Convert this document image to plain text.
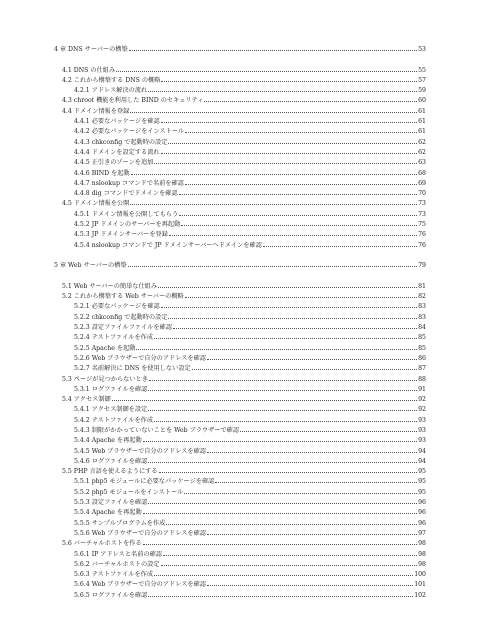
4 章 DNS サーバーの構築	53
4.1 DNS の仕組み	55
4.2 これから構築する DNS の概略	57
4.2.1 アドレス解決の流れ	59
4.3 chroot 機能を利用した BIND のセキュリティ	60
4.4 ドメイン情報を登録	61
4.4.1 必要なパッケージを確認	61
4.4.2 必要なパッケージをインストール	61
4.4.3 chkconfig で起動時の設定	62
4.4.4 ドメインを設定する流れ	62
4.4.5 正引きのゾーンを追加	63
4.4.6 BIND を起動	68
4.4.7 nslookup コマンドで名前を確認	69
4.4.8 dig コマンドでドメインを確認	70
4.5 ドメイン情報を公開	73
4.5.1 ドメイン情報を公開してもらう	73
4.5.2 JP ドメインのサーバーを再起動	75
4.5.3 JP ドメインサーバーを登録	76
4.5.4 nslookup コマンドで JP ドメインサーバーへドメインを確認	76
5 章 Web サーバーの構築	79
5.1 Web サーバーの簡単な仕組み	81
5.2 これから構築する Web サーバーの概略	82
5.2.1 必要なパッケージを確認	83
5.2.2 chkconfig で起動時の設定	83
5.2.3 設定ファイルファイルを確認	84
5.2.4 テストファイルを作成	85
5.2.5 Apache を起動	85
5.2.6 Web ブラウザーで自分のアドレスを確認	86
5.2.7 名前解決に DNS を使用しない設定	87
5.3 ページが見つからないとき	88
5.3.1 ログファイルを確認	91
5.4 アクセス制御	92
5.4.1 アクセス制御を設定	92
5.4.2 テストファイルを作成	93
5.4.3 制限がかかっていないことを Web ブラウザーで確認	93
5.4.4 Apache を再起動	93
5.4.5 Web ブラウザーで自分のアドレスを確認	94
5.4.6 ログファイルを確認	94
5.5 PHP 言語を使えるようにする	95
5.5.1 php5 モジュールに必要なパッケージを確認	95
5.5.2 php5 モジュールをインストール	95
5.5.3 設定ファイルを確認	96
5.5.4 Apache を再起動	96
5.5.5 サンプルプログラムを作成	96
5.5.6 Web ブラウザーで自分のアドレスを確認	97
5.6 バーチャルホストを作る	98
5.6.1 IP アドレスと名前の確認	98
5.6.2 バーチャルホストの設定	98
5.6.3 テストファイルを作成	100
5.6.4 Web ブラウザーで自分のアドレスを確認	101
5.6.5 ログファイルを確認	102
